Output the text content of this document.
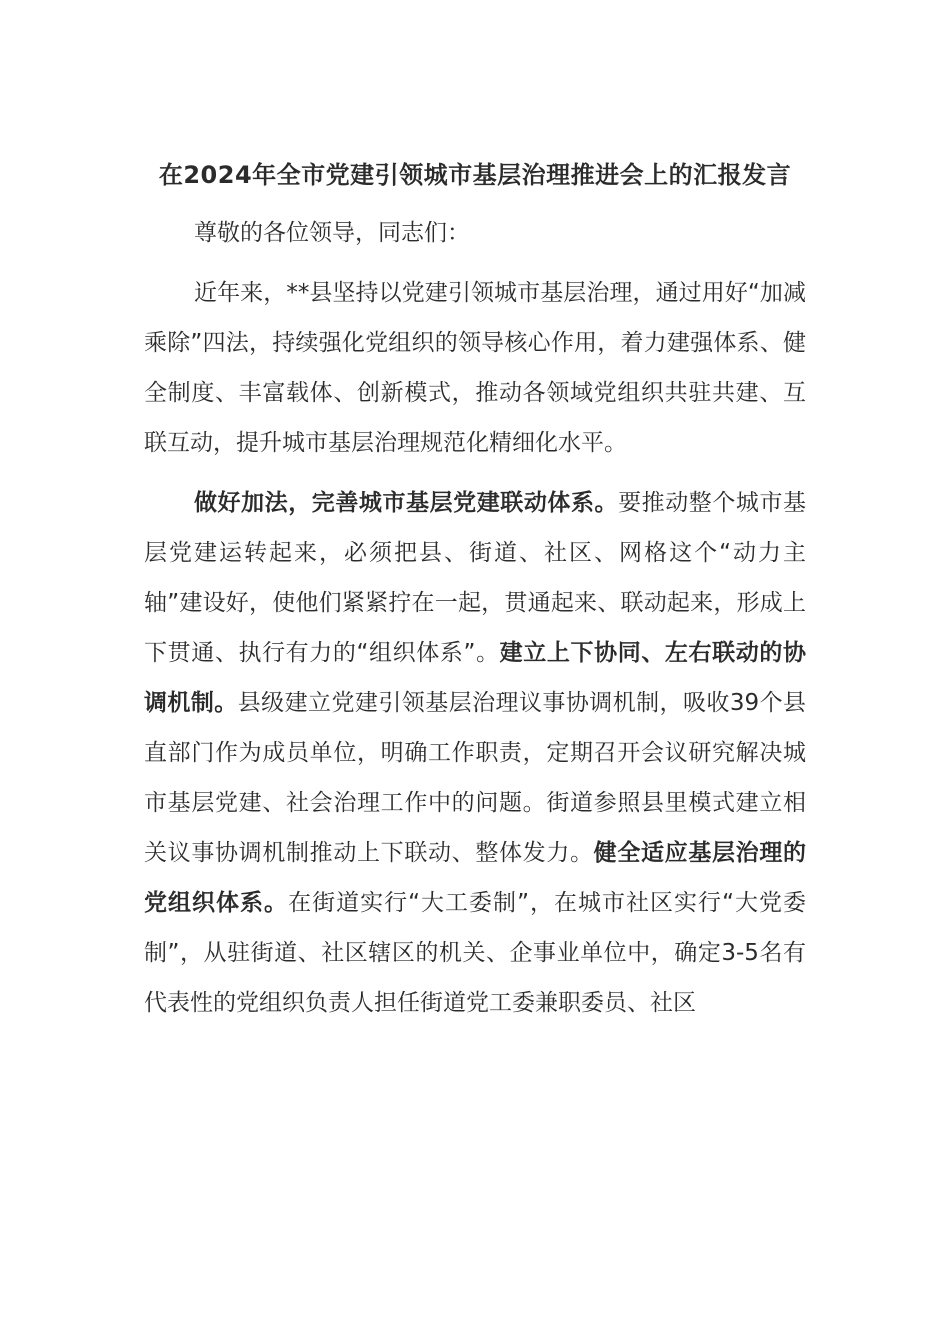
在2024年全市党建引领城市基层治理推进会上的汇报发言

尊敬的各位领导，同志们：

近年来，**县坚持以党建引领城市基层治理，通过用好“加减乘除”四法，持续强化党组织的领导核心作用，着力建强体系、健全制度、丰富载体、创新模式，推动各领域党组织共驻共建、互联互动，提升城市基层治理规范化精细化水平。

做好加法，完善城市基层党建联动体系。要推动整个城市基层党建运转起来，必须把县、街道、社区、网格这个“动力主轴”建设好，使他们紧紧拧在一起，贯通起来、联动起来，形成上下贯通、执行有力的“组织体系”。建立上下协同、左右联动的协调机制。县级建立党建引领基层治理议事协调机制，吸收39个县直部门作为成员单位，明确工作职责，定期召开会议研究解决城市基层党建、社会治理工作中的问题。街道参照县里模式建立相关议事协调机制推动上下联动、整体发力。健全适应基层治理的党组织体系。在街道实行“大工委制”，在城市社区实行“大党委制”，从驻街道、社区辖区的机关、企事业单位中，确定3-5名有代表性的党组织负责人担任街道党工委兼职委员、社区
